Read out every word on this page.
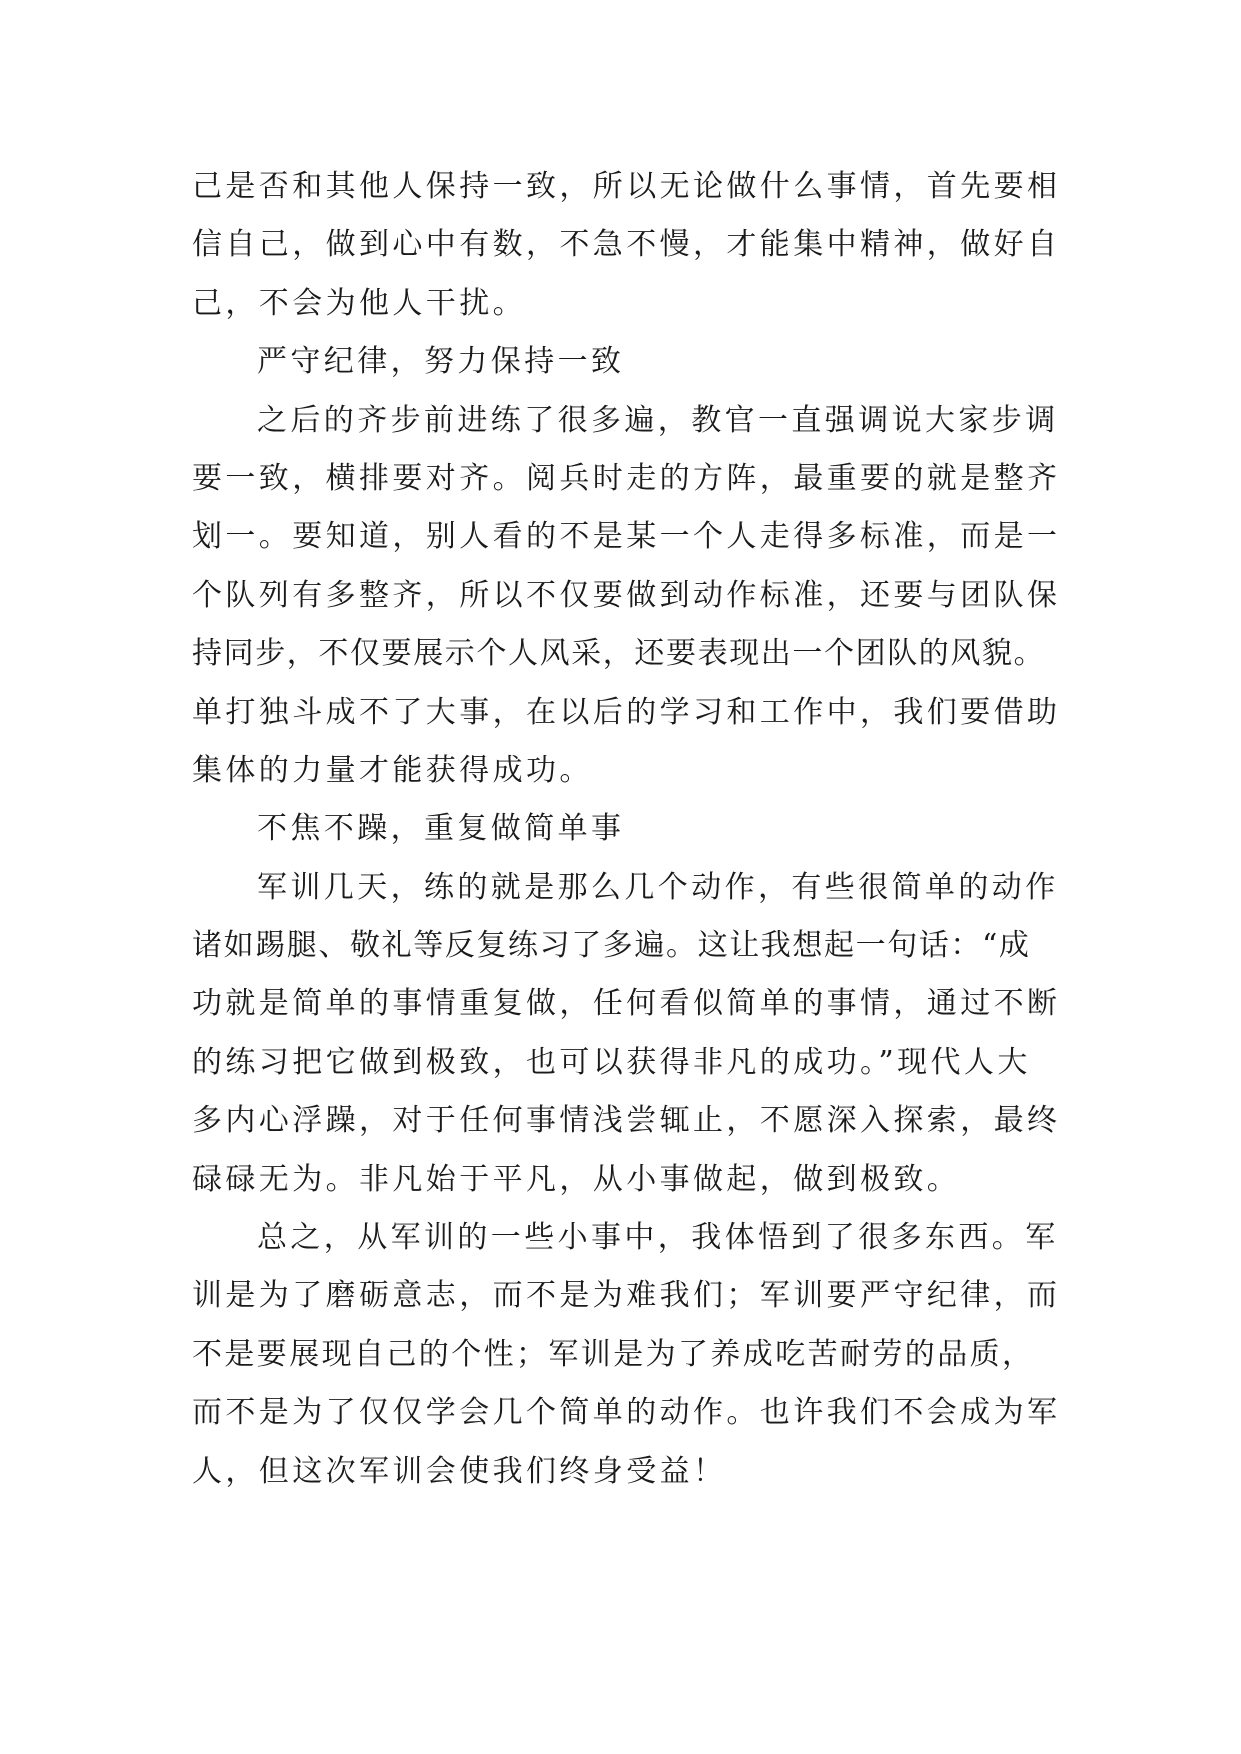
己是否和其他人保持一致，所以无论做什么事情，首先要相
信自己，做到心中有数，不急不慢，才能集中精神，做好自
己，不会为他人干扰。
严守纪律，努力保持一致
之后的齐步前进练了很多遍，教官一直强调说大家步调
要一致，横排要对齐。阅兵时走的方阵，最重要的就是整齐
划一。要知道，别人看的不是某一个人走得多标准，而是一
个队列有多整齐，所以不仅要做到动作标准，还要与团队保
持同步，不仅要展示个人风采，还要表现出一个团队的风貌。
单打独斗成不了大事，在以后的学习和工作中，我们要借助
集体的力量才能获得成功。
不焦不躁，重复做简单事
军训几天，练的就是那么几个动作，有些很简单的动作
诸如踢腿、敬礼等反复练习了多遍。这让我想起一句话：“成
功就是简单的事情重复做，任何看似简单的事情，通过不断
的练习把它做到极致，也可以获得非凡的成功。”现代人大
多内心浮躁，对于任何事情浅尝辄止，不愿深入探索，最终
碌碌无为。非凡始于平凡，从小事做起，做到极致。
总之，从军训的一些小事中，我体悟到了很多东西。军
训是为了磨砺意志，而不是为难我们；军训要严守纪律，而
不是要展现自己的个性；军训是为了养成吃苦耐劳的品质，
而不是为了仅仅学会几个简单的动作。也许我们不会成为军
人，但这次军训会使我们终身受益！
